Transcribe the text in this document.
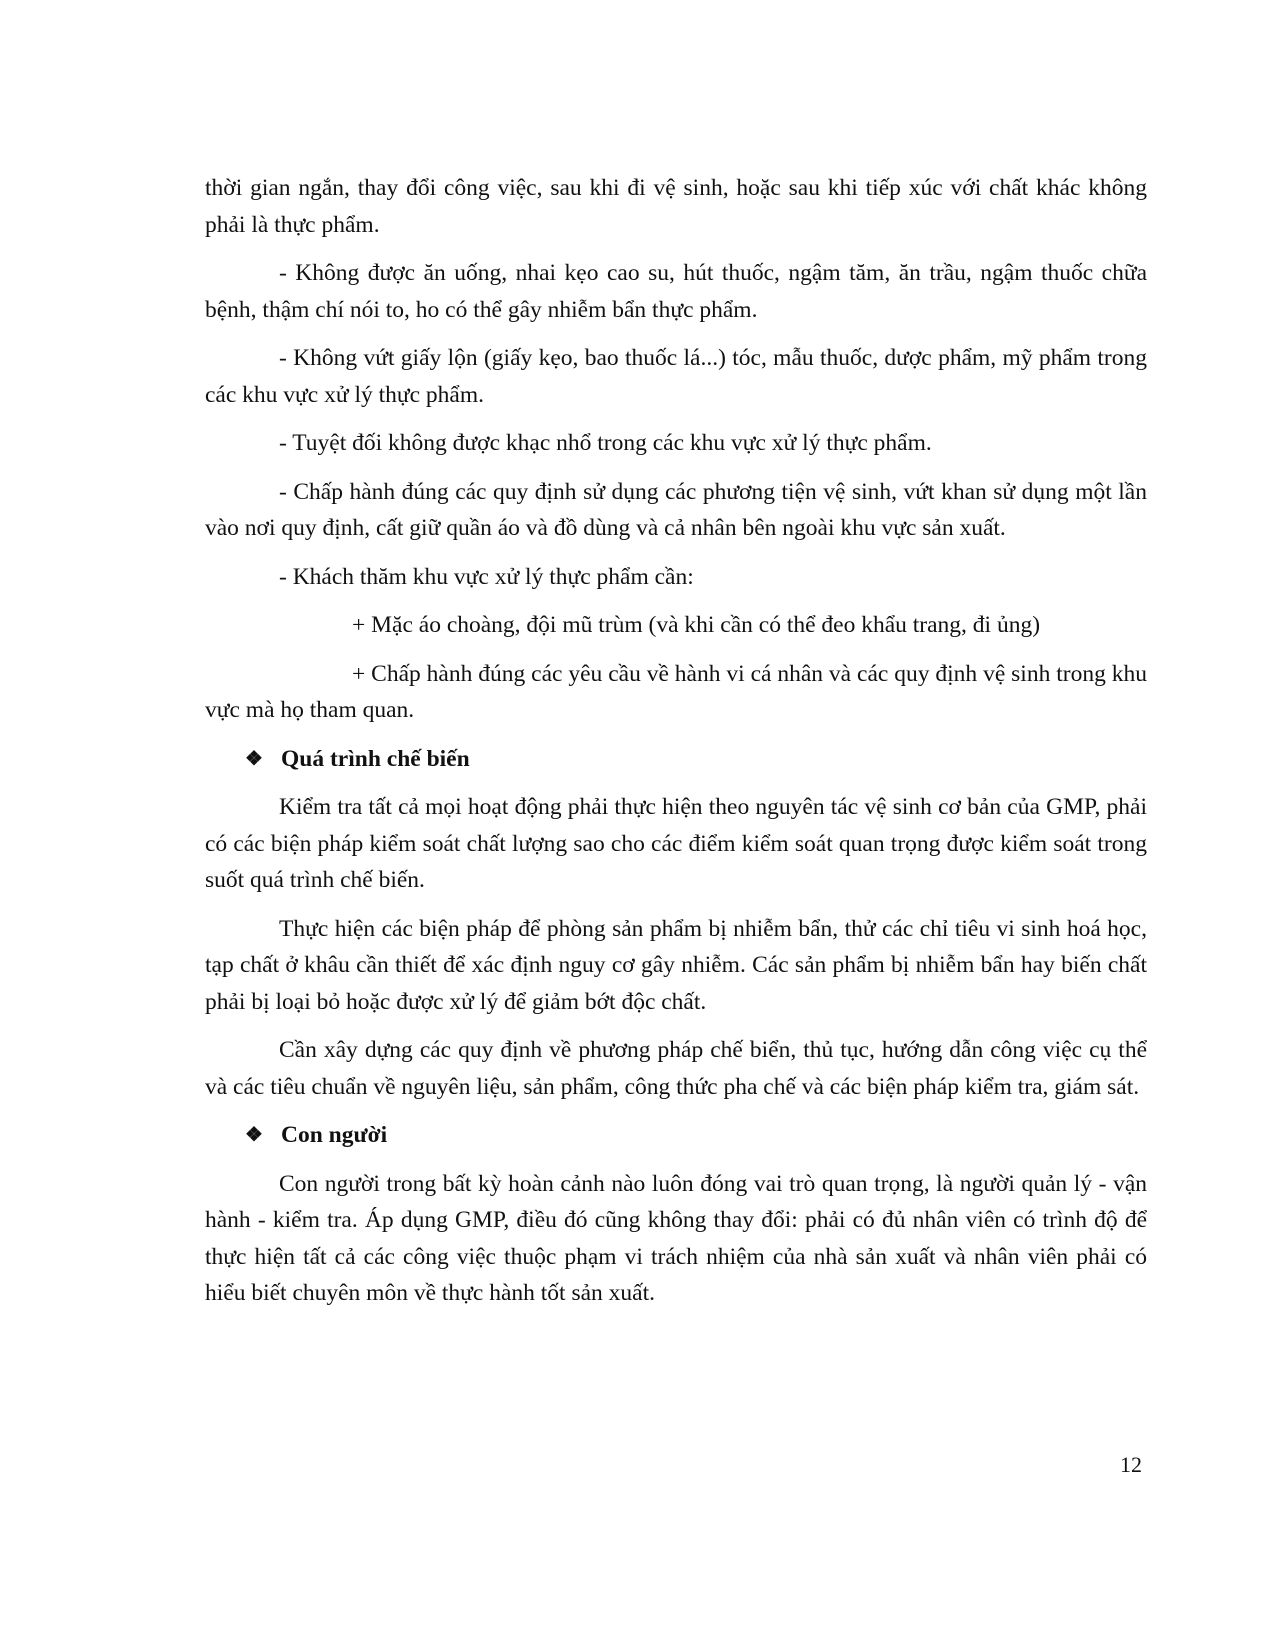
thời gian ngắn, thay đổi công việc, sau khi đi vệ sinh, hoặc sau khi tiếp xúc với chất khác không phải là thực phẩm.

- Không được ăn uống, nhai kẹo cao su, hút thuốc, ngậm tăm, ăn trầu, ngậm thuốc chữa bệnh, thậm chí nói to, ho có thể gây nhiễm bẩn thực phẩm.

- Không vứt giấy lộn (giấy kẹo, bao thuốc lá...) tóc, mẫu thuốc, dược phẩm, mỹ phẩm trong các khu vực xử lý thực phẩm.

- Tuyệt đối không được khạc nhổ trong các khu vực xử lý thực phẩm.

- Chấp hành đúng các quy định sử dụng các phương tiện vệ sinh, vứt khan sử dụng một lần vào nơi quy định, cất giữ quần áo và đồ dùng và cả nhân bên ngoài khu vực sản xuất.

- Khách thăm khu vực xử lý thực phẩm cần:

+ Mặc áo choàng, đội mũ trùm (và khi cần có thể đeo khẩu trang, đi ủng)

+ Chấp hành đúng các yêu cầu về hành vi cá nhân và các quy định vệ sinh trong khu vực mà họ tham quan.

❖ Quá trình chế biến

Kiểm tra tất cả mọi hoạt động phải thực hiện theo nguyên tác vệ sinh cơ bản của GMP, phải có các biện pháp kiểm soát chất lượng sao cho các điểm kiểm soát quan trọng được kiểm soát trong suốt quá trình chế biến.

Thực hiện các biện pháp để phòng sản phẩm bị nhiễm bẩn, thử các chỉ tiêu vi sinh hoá học, tạp chất ở khâu cần thiết để xác định nguy cơ gây nhiễm. Các sản phẩm bị nhiễm bẩn hay biến chất phải bị loại bỏ hoặc được xử lý để giảm bớt độc chất.

Cần xây dựng các quy định về phương pháp chế biển, thủ tục, hướng dẫn công việc cụ thể và các tiêu chuẩn về nguyên liệu, sản phẩm, công thức pha chế và các biện pháp kiểm tra, giám sát.

❖ Con người

Con người trong bất kỳ hoàn cảnh nào luôn đóng vai trò quan trọng, là người quản lý - vận hành - kiểm tra. Áp dụng GMP, điều đó cũng không thay đổi: phải có đủ nhân viên có trình độ để thực hiện tất cả các công việc thuộc phạm vi trách nhiệm của nhà sản xuất và nhân viên phải có hiểu biết chuyên môn về thực hành tốt sản xuất.

12
